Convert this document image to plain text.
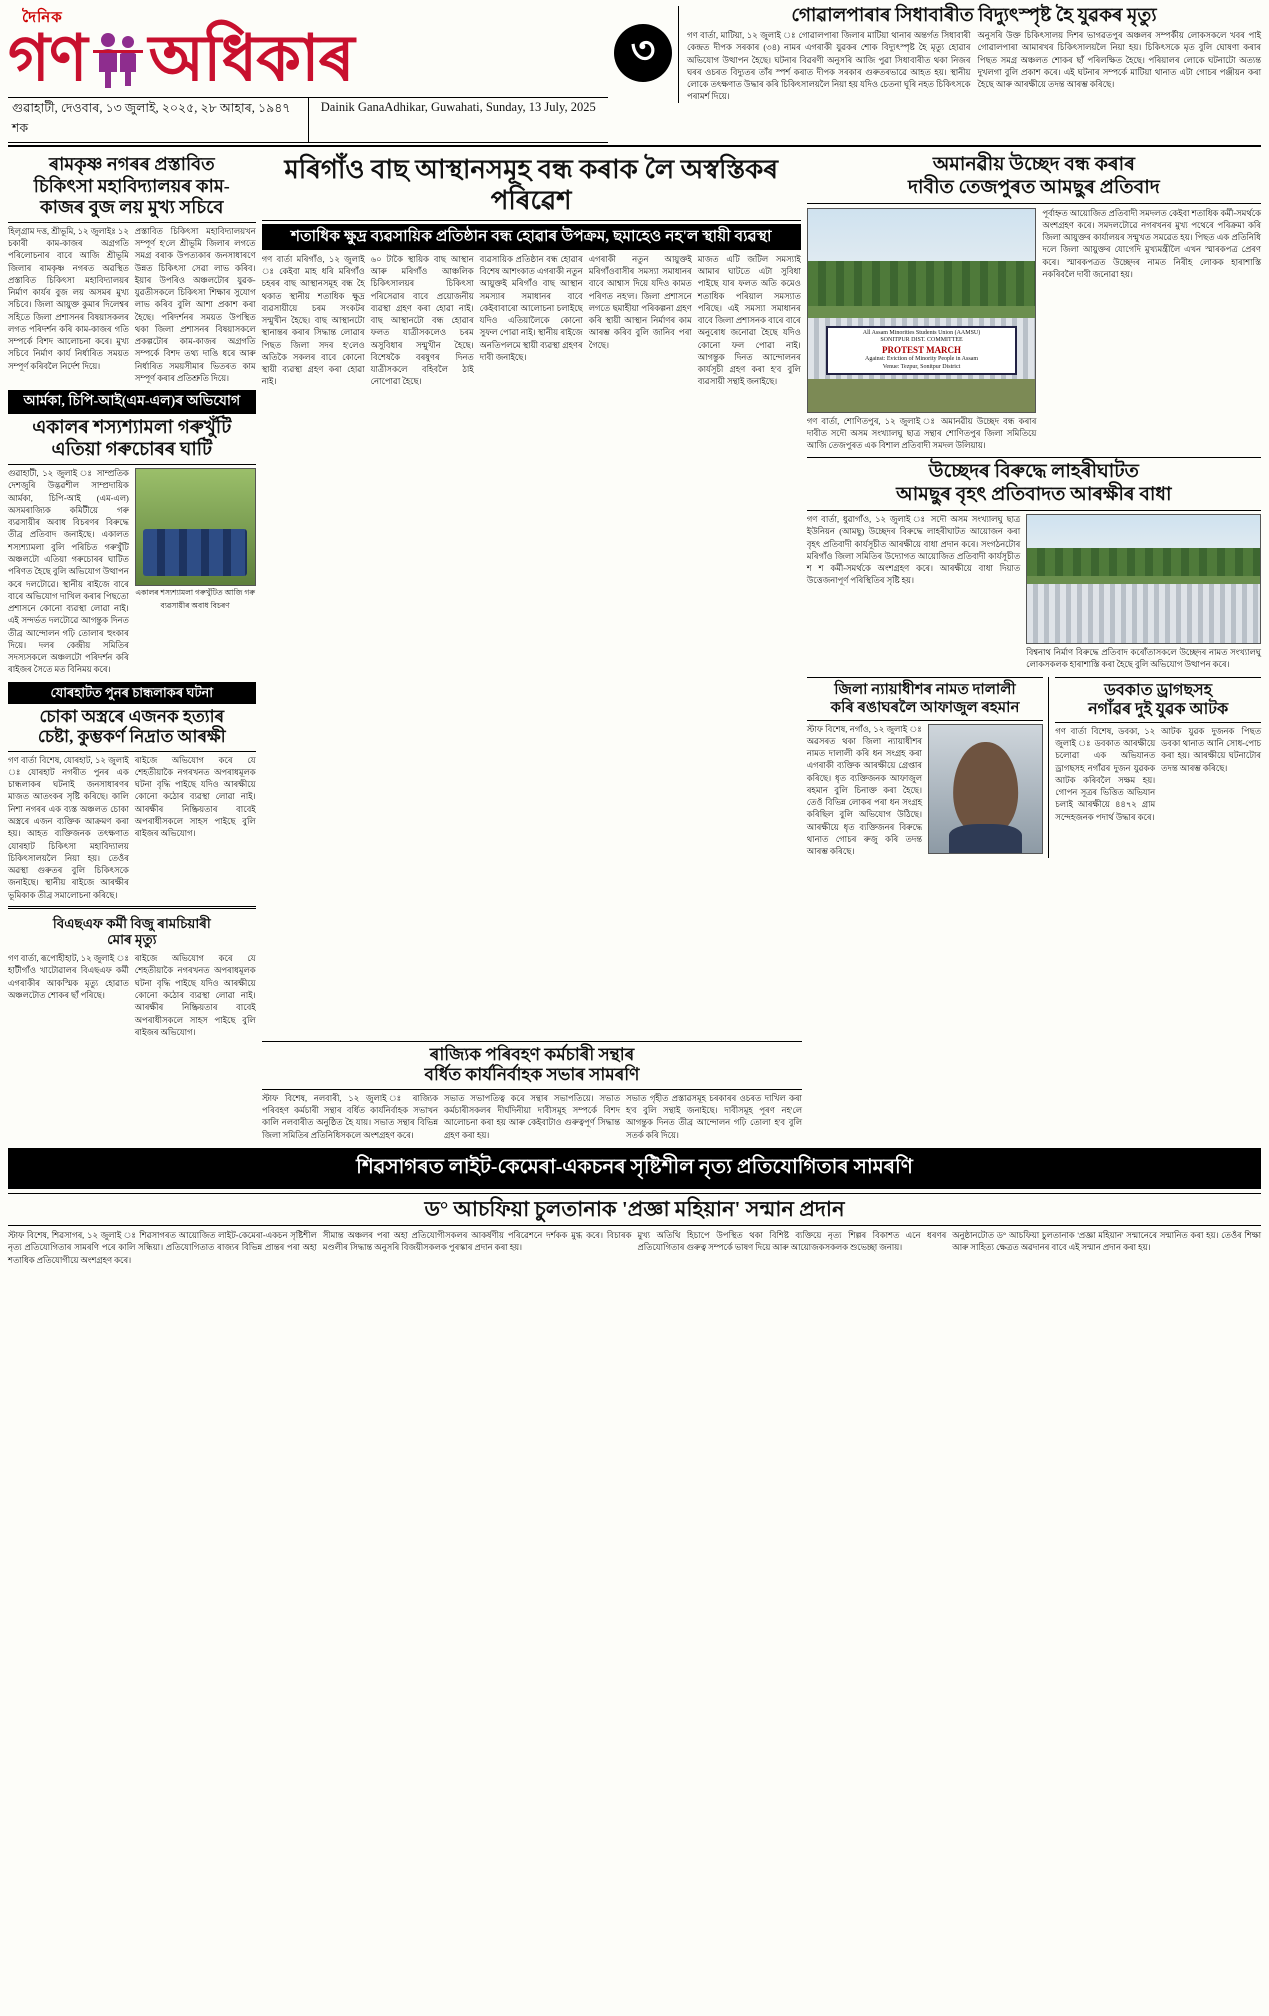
দৈনিক
গণ অধিকাৰ
গুৱাহাটী, দেওবাৰ, ১৩ জুলাই, ২০২৫, ২৮ আহাৰ, ১৯৪৭ শক
Dainik GanaAdhikar, Guwahati, Sunday, 13 July, 2025
৩
গোৱালপাৰাৰ সিধাবাৰীত বিদ্যুৎস্পৃষ্ট হৈ যুৱকৰ মৃত্যু
গণ বাৰ্তা, মাটিয়া, ১২ জুলাই ঃ গোৱালপাৰা জিলাৰ মাটিয়া থানাৰ অন্তৰ্গত সিধাবাৰী কেন্দ্ৰত দীপক সৰকাৰ (৩৪) নামৰ এগৰাকী যুৱকৰ শোক বিদ্যুৎস্পৃষ্ট হৈ মৃত্যু হোৱাৰ অভিযোগ উত্থাপন হৈছে। ঘটনাৰ বিৱৰণী অনুসৰি আজি পুৱা সিধাবাৰীত থকা নিজৰ ঘৰৰ ওচৰত বিদ্যুতৰ তাঁৰ স্পৰ্শ কৰাত দীপক সৰকাৰ গুৰুতৰভাৱে আহত হয়। স্থানীয় লোকে তৎক্ষণাত উদ্ধাৰ কৰি চিকিৎসালয়লৈ নিয়া হয় যদিও চেতনা ঘূৰি নহত চিকিৎসকে পৰামৰ্শ দিয়ে।
অনুসৰি উক্ত চিকিৎসালয় দিশৰ ভাগৱতপুৰ অঞ্চলৰ সম্পৰ্কীয় লোকসকলে খবৰ পাই গোৱালপাৰা আমাৰখৰ চিকিৎসালয়লৈ নিয়া হয়। চিকিৎসকে মৃত বুলি ঘোষণা কৰাৰ পিছত সমগ্ৰ অঞ্চলত শোকৰ ছাঁ পৰিলক্ষিত হৈছে। পৰিয়ালৰ লোকে ঘটনাটো অত্যন্ত দুখলগা বুলি প্ৰকাশ কৰে। এই ঘটনাৰ সম্পৰ্কে মাটিয়া থানাত এটা গোচৰ পঞ্জীয়ন কৰা হৈছে আৰু আৰক্ষীয়ে তদন্ত আৰম্ভ কৰিছে।
ৰামকৃষ্ণ নগৰৰ প্ৰস্তাবিত
চিকিৎসা মহাবিদ্যালয়ৰ কাম-
কাজৰ বুজ লয় মুখ্য সচিবে
হিলৃগ্ৰাম দত্ত, শ্ৰীভূমি, ১২ জুলাইঃ ১২ চকাৰী কাম-কাজৰ অগ্ৰগতি পৰিলোচনাৰ বাবে আজি শ্ৰীভূমি জিলাৰ ৰামকৃষ্ণ নগৰত অৱস্থিত প্ৰস্তাবিত চিকিৎসা মহাবিদ্যালয়ৰ নিৰ্মাণ কাৰ্যৰ বুজ লয় অসমৰ মুখ্য সচিবে। জিলা আয়ুক্ত কুমাৰ দিলেশ্বৰ সহিতে জিলা প্ৰশাসনৰ বিষয়াসকলৰ লগত পৰিদৰ্শন কৰি কাম-কাজৰ গতি সম্পৰ্কে বিশদ আলোচনা কৰে। মুখ্য সচিবে নিৰ্মাণ কাৰ্য নিৰ্ধাৰিত সময়ত সম্পূৰ্ণ কৰিবলৈ নিৰ্দেশ দিয়ে।
প্ৰস্তাবিত চিকিৎসা মহাবিদ্যালয়খন সম্পূৰ্ণ হ'লে শ্ৰীভূমি জিলাৰ লগতে সমগ্ৰ বৰাক উপত্যকাৰ জনসাধাৰণে উন্নত চিকিৎসা সেৱা লাভ কৰিব। ইয়াৰ উপৰিও অঞ্চলটোৰ যুৱক-যুৱতীসকলে চিকিৎসা শিক্ষাৰ সুযোগ লাভ কৰিব বুলি আশা প্ৰকাশ কৰা হৈছে। পৰিদৰ্শনৰ সময়ত উপস্থিত থকা জিলা প্ৰশাসনৰ বিষয়াসকলে প্ৰকল্পটোৰ কাম-কাজৰ অগ্ৰগতি সম্পৰ্কে বিশদ তথ্য দাঙি ধৰে আৰু নিৰ্ধাৰিত সময়সীমাৰ ভিতৰত কাম সম্পূৰ্ণ কৰাৰ প্ৰতিশ্ৰুতি দিয়ে।
আৰ্মকা, চিপি-আই(এম-এল)ৰ অভিযোগ
একালৰ শস্যশ্যামলা গৰুখুঁটি এতিয়া গৰুচোৰৰ ঘাটি
গুৱাহাটী, ১২ জুলাই ঃ সাম্প্ৰতিক দেশজুৰি উদ্ভৱশীল সাম্প্ৰদায়িক আৰ্মকা, চিপি-আই (এম-এল) অসমৰাজ্যিক কমিটীয়ে গৰু ব্যৱসায়ীৰ অবাধ বিচৰণৰ বিৰুদ্ধে তীব্ৰ প্ৰতিবাদ জনাইছে। একালত শস্যশ্যামলা বুলি পৰিচিত গৰুখুঁটি অঞ্চলটো এতিয়া গৰুচোৰৰ ঘাটিত পৰিণত হৈছে বুলি অভিযোগ উত্থাপন কৰে দলটোৱে। স্থানীয় ৰাইজে বাৰে বাৰে অভিযোগ দাখিল কৰাৰ পিছতো প্ৰশাসনে কোনো ব্যৱস্থা লোৱা নাই। এই সন্দৰ্ভত দলটোৱে আগন্তুক দিনত তীব্ৰ আন্দোলন গঢ়ি তোলাৰ হুংকাৰ দিয়ে। দলৰ কেন্দ্ৰীয় সমিতিৰ সদস্যসকলে অঞ্চলটো পৰিদৰ্শন কৰি ৰাইজৰ সৈতে মত বিনিময় কৰে।
একালৰ শস্যশ্যামলা গৰুখুঁটিত আজি গৰু ব্যৱসায়ীৰ অবাধ বিচৰণ
যোৰহাটত পুনৰ চান্ধলাকৰ ঘটনা
চোকা অস্ত্ৰৰে এজনক হত্যাৰ
চেষ্টা, কুম্ভকৰ্ণ নিদ্ৰাত আৰক্ষী
গণ বাৰ্তা বিশেষ, যোৰহাট, ১২ জুলাই ঃ যোৰহাট নগৰীত পুনৰ এক চান্ধলাকৰ ঘটনাই জনসাধাৰণৰ মাজত আতংকৰ সৃষ্টি কৰিছে। কালি নিশা নগৰৰ এক ব্যস্ত অঞ্চলত চোকা অস্ত্ৰৰে এজন ব্যক্তিক আক্ৰমণ কৰা হয়। আহত ব্যক্তিজনক তৎক্ষণাত যোৰহাট চিকিৎসা মহাবিদ্যালয় চিকিৎসালয়লৈ নিয়া হয়। তেওঁৰ অৱস্থা গুৰুতৰ বুলি চিকিৎসকে জনাইছে। স্থানীয় ৰাইজে আৰক্ষীৰ ভূমিকাক তীব্ৰ সমালোচনা কৰিছে।
ৰাইজে অভিযোগ কৰে যে শেহতীয়াকৈ নগৰখনত অপৰাধমূলক ঘটনা বৃদ্ধি পাইছে যদিও আৰক্ষীয়ে কোনো কঠোৰ ব্যৱস্থা লোৱা নাই। আৰক্ষীৰ নিষ্ক্ৰিয়তাৰ বাবেই অপৰাধীসকলে সাহস পাইছে বুলি ৰাইজৰ অভিযোগ।
বিএছএফ কৰ্মী বিজু ৰামচিয়াৰী
মোৰ মৃত্যু
গণ বাৰ্তা, ৰূপোহীহাট, ১২ জুলাই ঃ হাটীগাঁও খাটোৱালৰ বিএছএফ কৰ্মী এগৰাকীৰ আকস্মিক মৃত্যু হোৱাত অঞ্চলটোত শোকৰ ছাঁ পৰিছে।
ৰাইজে অভিযোগ কৰে যে শেহতীয়াকৈ নগৰখনত অপৰাধমূলক ঘটনা বৃদ্ধি পাইছে যদিও আৰক্ষীয়ে কোনো কঠোৰ ব্যৱস্থা লোৱা নাই। আৰক্ষীৰ নিষ্ক্ৰিয়তাৰ বাবেই অপৰাধীসকলে সাহস পাইছে বুলি ৰাইজৰ অভিযোগ।
মৰিগাঁও বাছ আস্থানসমূহ বন্ধ কৰাক লৈ অস্বস্তিকৰ পৰিৱেশ
শতাধিক ক্ষুদ্ৰ ব্যৱসায়িক প্ৰতিষ্ঠান বন্ধ হোৱাৰ উপক্ৰম, ছমাহেও নহ'ল স্থায়ী ব্যৱস্থা
গণ বাৰ্তা মৰিগাঁও, ১২ জুলাই ঃ কেইবা মাহ ধৰি মৰিগাঁও চহৰৰ বাছ আস্থানসমূহ বন্ধ হৈ থকাত স্থানীয় শতাধিক ক্ষুদ্ৰ ব্যৱসায়ীয়ে চৰম সংকটৰ সন্মুখীন হৈছে। বাছ আস্থানটো স্থানান্তৰ কৰাৰ সিদ্ধান্ত লোৱাৰ পিছত জিলা সদৰ হ'লেও অতিকৈ সকলৰ বাবে কোনো স্থায়ী ব্যৱস্থা গ্ৰহণ কৰা হোৱা নাই।
৬০ টাকৈ স্থায়িক বাছ আস্থান আৰু মৰিগাঁও আঞ্চলিক চিকিৎসালয়ৰ চিকিৎসা পৰিসেৱাৰ বাবে প্ৰয়োজনীয় ব্যৱস্থা গ্ৰহণ কৰা হোৱা নাই। বাছ আস্থানটো বন্ধ হোৱাৰ ফলত যাত্ৰীসকলেও চৰম অসুবিধাৰ সন্মুখীন হৈছে। বিশেষকৈ বৰষুণৰ দিনত যাত্ৰীসকলে বহিবলৈ ঠাই নোপোৱা হৈছে।
ব্যৱসায়িক প্ৰতিষ্ঠান বন্ধ হোৱাৰ বিশেষ আশংকাত এগৰাকী নতুন আয়ুক্তই মৰিগাঁও বাছ আস্থান সমস্যাৰ সমাধানৰ বাবে কেইবাবাৰো আলোচনা চলাইছে যদিও এতিয়ালৈকে কোনো সুফল পোৱা নাই। স্থানীয় ৰাইজে অনতিপলমে স্থায়ী ব্যৱস্থা গ্ৰহণৰ দাবী জনাইছে।
এগৰাকী নতুন আয়ুক্তই মৰিগাঁওবাসীৰ সমস্যা সমাধানৰ বাবে আশ্বাস দিয়ে যদিও কামত পৰিণত নহ'ল। জিলা প্ৰশাসনে লগতে ছমাহীয়া পৰিকল্পনা গ্ৰহণ কৰি স্থায়ী আস্থান নিৰ্মাণৰ কাম আৰম্ভ কৰিব বুলি জানিব পৰা গৈছে।
মাজত এটি জটিল সমস্যাই আমাৰ ঘাটতে এটা সুবিধা পাইছে যাৰ ফলত অতি কমেও শতাধিক পৰিয়াল সমস্যাত পৰিছে। এই সমস্যা সমাধানৰ বাবে জিলা প্ৰশাসনক বাৰে বাৰে অনুৰোধ জনোৱা হৈছে যদিও কোনো ফল পোৱা নাই। আগন্তুক দিনত আন্দোলনৰ কাৰ্যসূচী গ্ৰহণ কৰা হ'ব বুলি ব্যৱসায়ী সন্থাই জনাইছে।
অমানৱীয় উচ্ছেদ বন্ধ কৰাৰ
দাবীত তেজপুৰত আমছুৰ প্ৰতিবাদ
All Assam Minorities Students Union (AAMSU)
SONITPUR DIST. COMMITTEE
PROTEST MARCH
Against: Eviction of Minority People in Assam
Venue: Tezpur, Sonitpur District
গণ বাৰ্তা, শোণিতপুৰ, ১২ জুলাই ঃ অমানৱীয় উচ্ছেদ বন্ধ কৰাৰ দাবীত সদৌ অসম সংখ্যালঘু ছাত্ৰ সন্থাৰ শোণিতপুৰ জিলা সমিতিয়ে আজি তেজপুৰত এক বিশাল প্ৰতিবাদী সমদল উলিয়ায়।
পূৰ্বাহ্নত আয়োজিত প্ৰতিবাদী সমদলত কেইবা শতাধিক কৰ্মী-সমৰ্থকে অংশগ্ৰহণ কৰে। সমদলটোৱে নগৰখনৰ মুখ্য পথেৰে পৰিক্ৰমা কৰি জিলা আয়ুক্তৰ কাৰ্যালয়ৰ সন্মুখত সমৱেত হয়। পিছত এক প্ৰতিনিধি দলে জিলা আয়ুক্তৰ যোগেদি মুখ্যমন্ত্ৰীলৈ এখন স্মাৰকপত্ৰ প্ৰেৰণ কৰে। স্মাৰকপত্ৰত উচ্ছেদৰ নামত নিৰীহ লোকক হাৰাশাস্তি নকৰিবলৈ দাবী জনোৱা হয়।
উচ্ছেদৰ বিৰুদ্ধে লাহৰীঘাটত
আমছুৰ বৃহৎ প্ৰতিবাদত আৰক্ষীৰ বাধা
গণ বাৰ্তা, ধুৱাগাঁও, ১২ জুলাই ঃ সদৌ অসম সংখ্যালঘু ছাত্ৰ ইউনিয়ন (আমছু) উচ্ছেদৰ বিৰুদ্ধে লাহৰীঘাটত আয়োজন কৰা বৃহৎ প্ৰতিবাদী কাৰ্যসূচীত আৰক্ষীয়ে বাধা প্ৰদান কৰে। সংগঠনটোৰ মৰিগাঁও জিলা সমিতিৰ উদ্যোগত আয়োজিত প্ৰতিবাদী কাৰ্যসূচীত শ শ কৰ্মী-সমৰ্থকে অংশগ্ৰহণ কৰে। আৰক্ষীয়ে বাধা দিয়াত উত্তেজনাপূৰ্ণ পৰিস্থিতিৰ সৃষ্টি হয়।
বিশ্বনাথ নিৰ্মাণ বিৰুদ্ধে প্ৰতিবাদ কৰোঁতাসকলে উচ্ছেদৰ নামত সংখ্যালঘু লোকসকলক হাৰাশাস্তি কৰা হৈছে বুলি অভিযোগ উত্থাপন কৰে।
জিলা ন্যায়াধীশৰ নামত দালালী
কৰি ৰঙাঘৰলৈ আফাজুল ৰহমান
স্টাফ বিশেষ, নগাঁও, ১২ জুলাই ঃ অৱসৰত থকা জিলা ন্যায়াধীশৰ নামত দালালী কৰি ধন সংগ্ৰহ কৰা এগৰাকী ব্যক্তিক আৰক্ষীয়ে গ্ৰেপ্তাৰ কৰিছে। ধৃত ব্যক্তিজনক আফাজুল ৰহমান বুলি চিনাক্ত কৰা হৈছে। তেওঁ বিভিন্ন লোকৰ পৰা ধন সংগ্ৰহ কৰিছিল বুলি অভিযোগ উঠিছে। আৰক্ষীয়ে ধৃত ব্যক্তিজনৰ বিৰুদ্ধে থানাত গোচৰ ৰুজু কৰি তদন্ত আৰম্ভ কৰিছে।
ডবকাত ড্ৰাগছসহ
নগাঁৱৰ দুই যুৱক আটক
গণ বাৰ্তা বিশেষ, ডবকা, ১২ জুলাই ঃ ডবকাত আৰক্ষীয়ে চলোৱা এক অভিযানত ড্ৰাগছসহ নগাঁৱৰ দুজন যুৱকক আটক কৰিবলৈ সক্ষম হয়। গোপন সূত্ৰৰ ভিত্তিত অভিযান চলাই আৰক্ষীয়ে ৪৪৭২ গ্ৰাম সন্দেহজনক পদাৰ্থ উদ্ধাৰ কৰে।
আটক যুৱক দুজনক পিছত ডবকা থানাত আনি সোধ-পোচ কৰা হয়। আৰক্ষীয়ে ঘটনাটোৰ তদন্ত আৰম্ভ কৰিছে।
ৰাজ্যিক পৰিবহণ কৰ্মচাৰী সন্থাৰ
বৰ্ধিত কাৰ্যনিৰ্বাহক সভাৰ সামৰণি
স্টাফ বিশেষ, নলবাৰী, ১২ জুলাই ঃ ৰাজ্যিক পৰিবহণ কৰ্মচাৰী সন্থাৰ বৰ্ধিত কাৰ্যনিৰ্বাহক সভাখন কালি নলবাৰীত অনুষ্ঠিত হৈ যায়। সভাত সন্থাৰ বিভিন্ন জিলা সমিতিৰ প্ৰতিনিধিসকলে অংশগ্ৰহণ কৰে।
সভাত সভাপতিত্ব কৰে সন্থাৰ সভাপতিয়ে। সভাত কৰ্মচাৰীসকলৰ দীৰ্ঘদিনীয়া দাবীসমূহ সম্পৰ্কে বিশদ আলোচনা কৰা হয় আৰু কেইবাটাও গুৰুত্বপূৰ্ণ সিদ্ধান্ত গ্ৰহণ কৰা হয়।
সভাত গৃহীত প্ৰস্তাৱসমূহ চৰকাৰৰ ওচৰত দাখিল কৰা হ'ব বুলি সন্থাই জনাইছে। দাবীসমূহ পূৰণ নহ'লে আগন্তুক দিনত তীব্ৰ আন্দোলন গঢ়ি তোলা হ'ব বুলি সতৰ্ক কৰি দিয়ে।
শিৱসাগৰত লাইট-কেমেৰা-একচনৰ সৃষ্টিশীল নৃত্য প্ৰতিযোগিতাৰ সামৰণি
ড° আচফিয়া চুলতানাক 'প্ৰজ্ঞা মহিয়ান' সন্মান প্ৰদান
স্টাফ বিশেষ, শিৱসাগৰ, ১২ জুলাই ঃ শিৱসাগৰত আয়োজিত লাইট-কেমেৰা-একচন সৃষ্টিশীল নৃত্য প্ৰতিযোগিতাৰ সামৰণি পৰে কালি সন্ধিয়া। প্ৰতিযোগিতাত ৰাজ্যৰ বিভিন্ন প্ৰান্তৰ পৰা অহা শতাধিক প্ৰতিযোগীয়ে অংশগ্ৰহণ কৰে।
সীমান্ত অঞ্চলৰ পৰা অহা প্ৰতিযোগীসকলৰ আকৰ্ষণীয় পৰিৱেশনে দৰ্শকক মুগ্ধ কৰে। বিচাৰক মণ্ডলীৰ সিদ্ধান্ত অনুসৰি বিজয়ীসকলক পুৰস্কাৰ প্ৰদান কৰা হয়।
মুখ্য অতিথি হিচাপে উপস্থিত থকা বিশিষ্ট ব্যক্তিয়ে নৃত্য শিল্পৰ বিকাশত এনে ধৰণৰ প্ৰতিযোগিতাৰ গুৰুত্ব সম্পৰ্কে ভাষণ দিয়ে আৰু আয়োজকসকলক শুভেচ্ছা জনায়।
অনুষ্ঠানটোত ড° আচফিয়া চুলতানাক 'প্ৰজ্ঞা মহিয়ান' সন্মানেৰে সন্মানিত কৰা হয়। তেওঁৰ শিক্ষা আৰু সাহিত্য ক্ষেত্ৰত অৱদানৰ বাবে এই সন্মান প্ৰদান কৰা হয়।
